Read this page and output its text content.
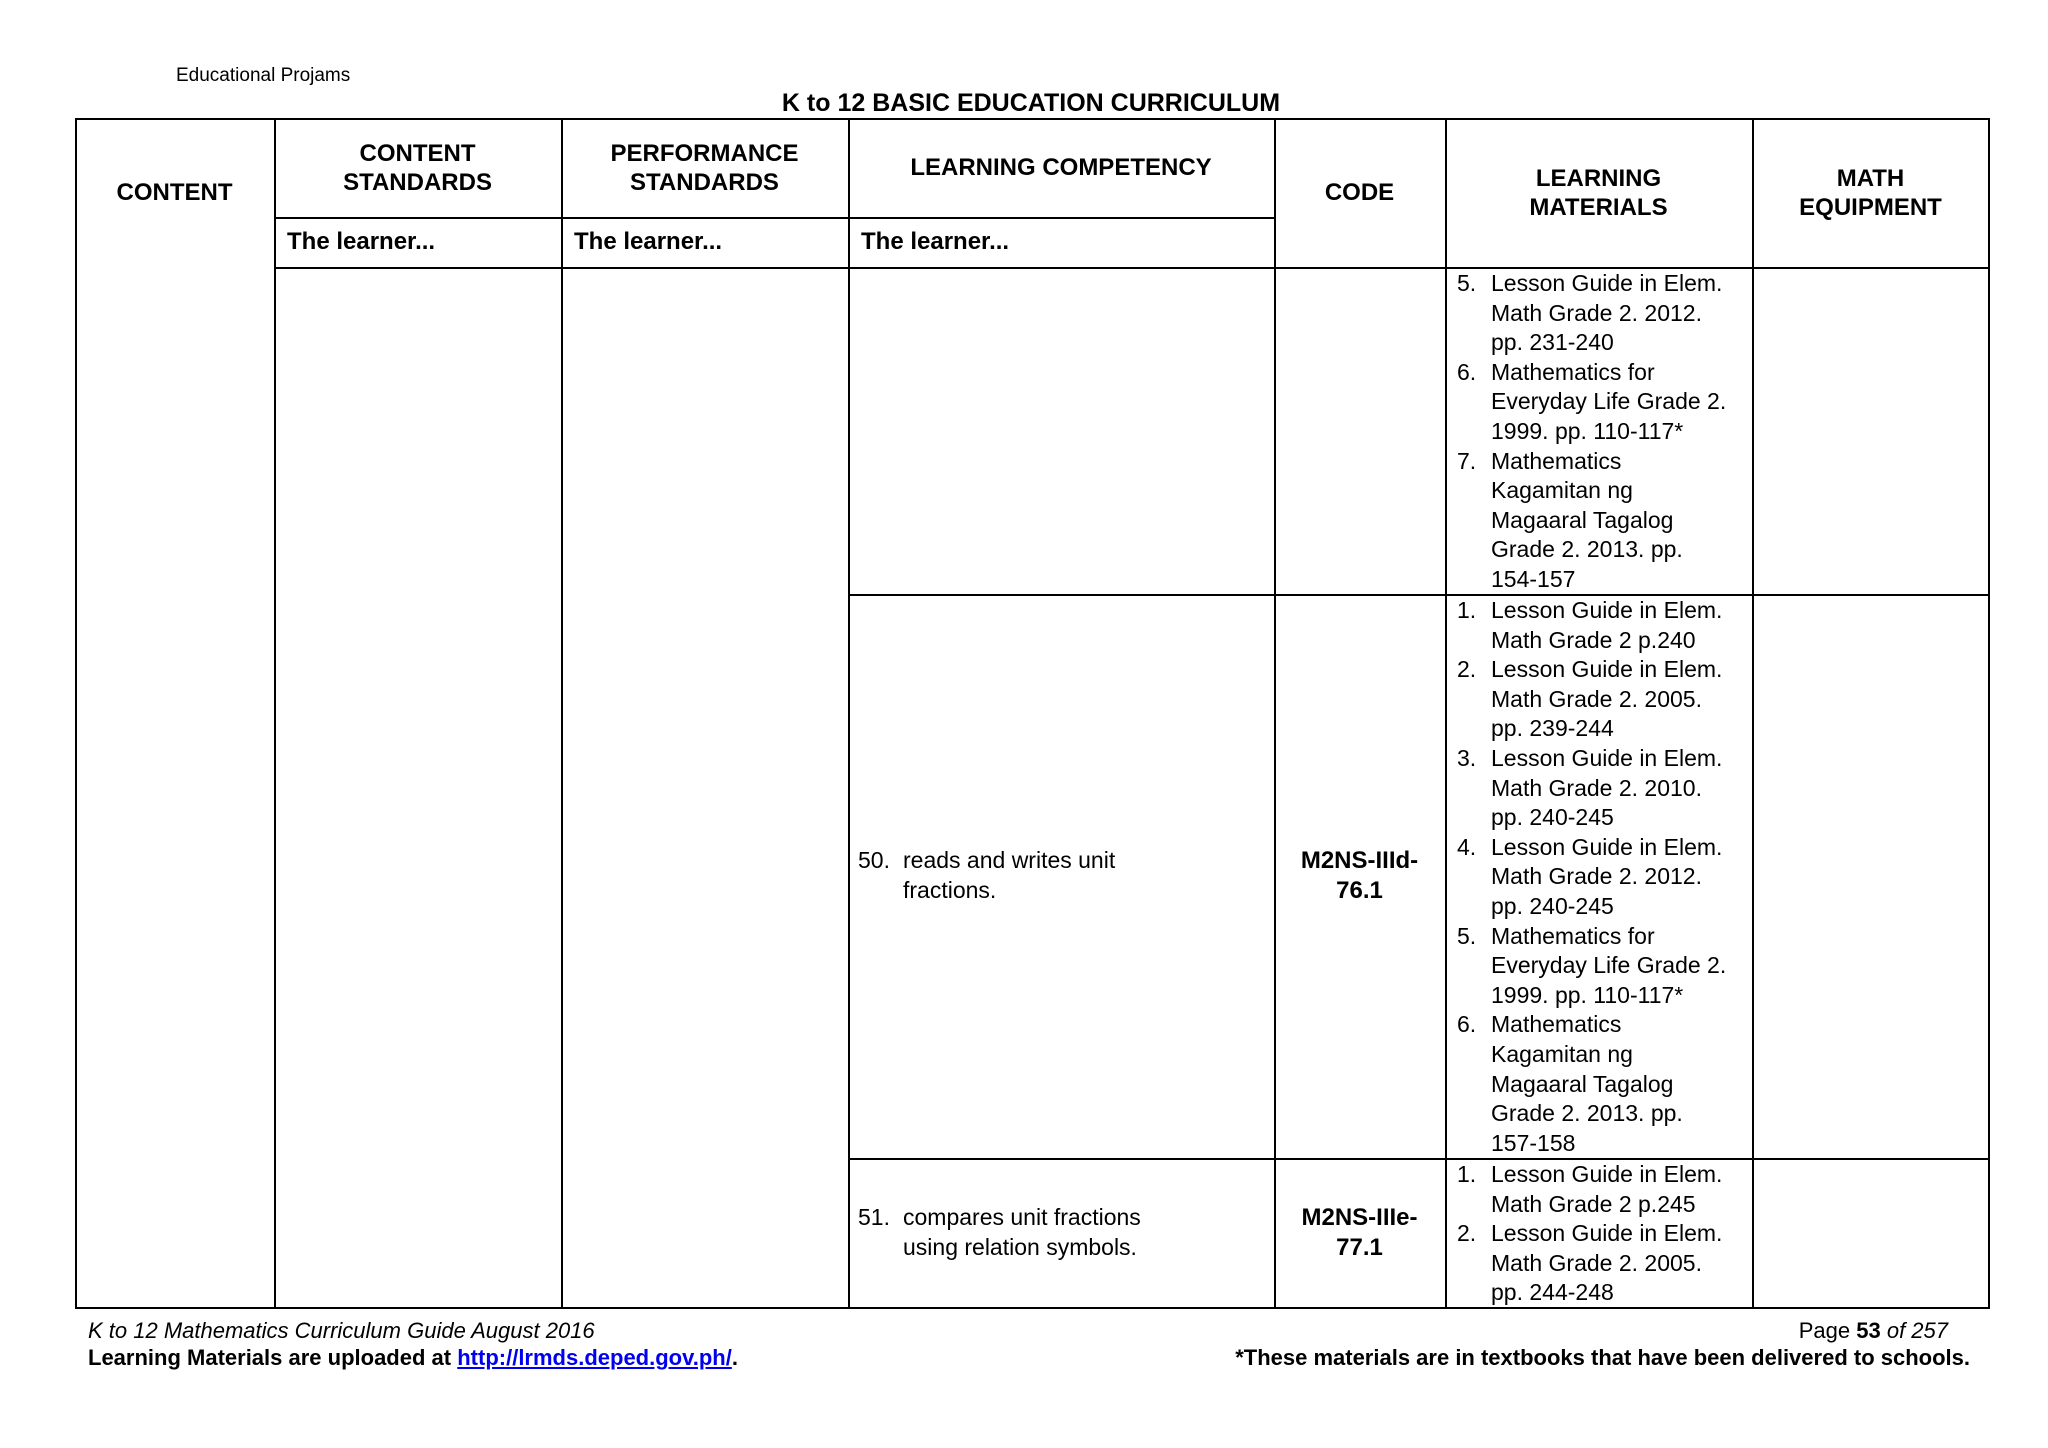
Educational Projams
K to 12 BASIC EDUCATION CURRICULUM
CONTENT
CONTENT STANDARDS
PERFORMANCE STANDARDS
LEARNING COMPETENCY
CODE
LEARNING MATERIALS
MATH EQUIPMENT
The learner...	The learner...	The learner...
5. Lesson Guide in Elem.
Math Grade 2. 2012.
pp. 231-240
6. Mathematics for
Everyday Life Grade 2.
1999. pp. 110-117*
7. Mathematics
Kagamitan ng
Magaaral Tagalog
Grade 2. 2013. pp.
154-157
50. reads and writes unit
fractions.
M2NS-IIId-
76.1
1. Lesson Guide in Elem.
Math Grade 2 p.240
2. Lesson Guide in Elem.
Math Grade 2. 2005.
pp. 239-244
3. Lesson Guide in Elem.
Math Grade 2. 2010.
pp. 240-245
4. Lesson Guide in Elem.
Math Grade 2. 2012.
pp. 240-245
5. Mathematics for
Everyday Life Grade 2.
1999. pp. 110-117*
6. Mathematics
Kagamitan ng
Magaaral Tagalog
Grade 2. 2013. pp.
157-158
51. compares unit fractions
using relation symbols.
M2NS-IIIe-
77.1
1. Lesson Guide in Elem.
Math Grade 2 p.245
2. Lesson Guide in Elem.
Math Grade 2. 2005.
pp. 244-248
K to 12 Mathematics Curriculum Guide August 2016
Learning Materials are uploaded at http://lrmds.deped.gov.ph/.
Page 53 of 257
*These materials are in textbooks that have been delivered to schools.
